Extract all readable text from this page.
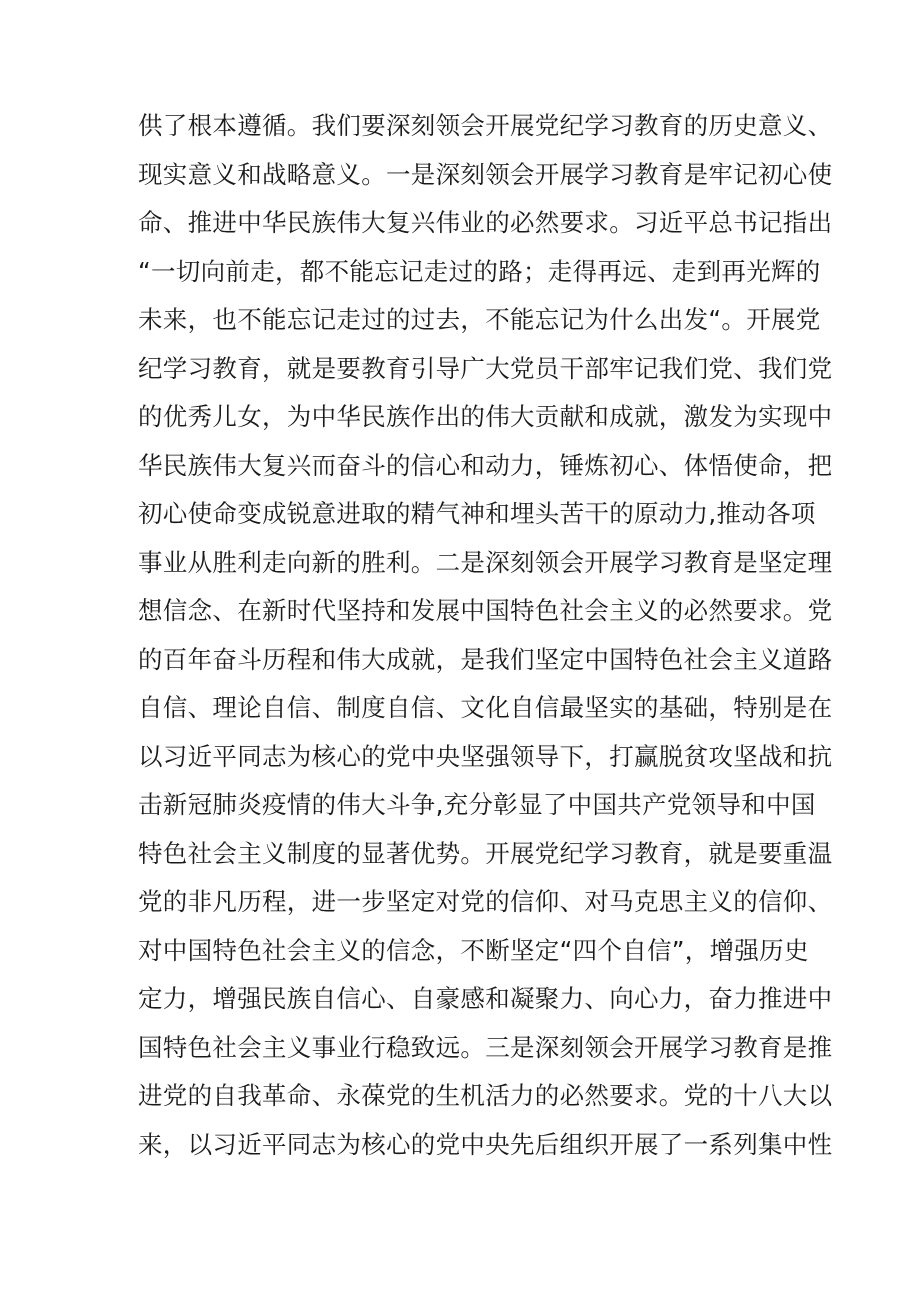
供了根本遵循。我们要深刻领会开展党纪学习教育的历史意义、
现实意义和战略意义。一是深刻领会开展学习教育是牢记初心使
命、推进中华民族伟大复兴伟业的必然要求。习近平总书记指出
“一切向前走，都不能忘记走过的路；走得再远、走到再光辉的
未来，也不能忘记走过的过去，不能忘记为什么出发“。开展党
纪学习教育，就是要教育引导广大党员干部牢记我们党、我们党
的优秀儿女，为中华民族作出的伟大贡献和成就，激发为实现中
华民族伟大复兴而奋斗的信心和动力，锤炼初心、体悟使命，把
初心使命变成锐意进取的精气神和埋头苦干的原动力,推动各项
事业从胜利走向新的胜利。二是深刻领会开展学习教育是坚定理
想信念、在新时代坚持和发展中国特色社会主义的必然要求。党
的百年奋斗历程和伟大成就，是我们坚定中国特色社会主义道路
自信、理论自信、制度自信、文化自信最坚实的基础，特别是在
以习近平同志为核心的党中央坚强领导下，打赢脱贫攻坚战和抗
击新冠肺炎疫情的伟大斗争,充分彰显了中国共产党领导和中国
特色社会主义制度的显著优势。开展党纪学习教育，就是要重温
党的非凡历程，进一步坚定对党的信仰、对马克思主义的信仰、
对中国特色社会主义的信念，不断坚定“四个自信”，增强历史
定力，增强民族自信心、自豪感和凝聚力、向心力，奋力推进中
国特色社会主义事业行稳致远。三是深刻领会开展学习教育是推
进党的自我革命、永葆党的生机活力的必然要求。党的十八大以
来，以习近平同志为核心的党中央先后组织开展了一系列集中性
